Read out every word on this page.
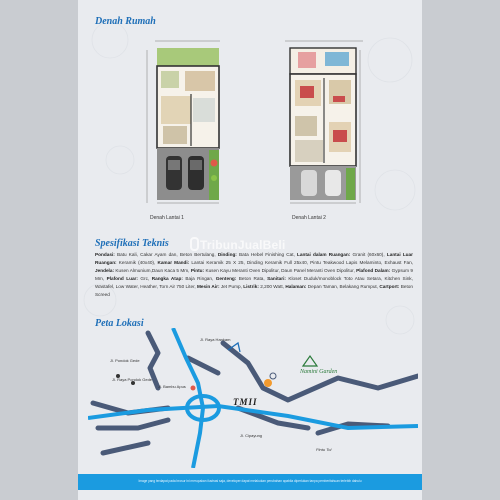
Denah Rumah
Spesifikasi Teknis
Peta Lokasi
Denah Lantai 1	Denah Lantai 2
TribunJualBeli
Pondasi: Batu Kali, Cakar Ayam dan, Beton Bertulang, Dinding: Bata Hebel Finishing Cat, Lantai dalam Ruangan: Granit (60x60), Lantai Luar Ruangan: Keramik (40x40), Kamar Mandi: Lantai Keramik 25 X 25, Dinding Keramik Full 25x40, Pintu Teakwood Lapis Melaminto, Exhaust Fan, Jendela: Kusen Almunium,Daun Kaca 5 Mm, Pintu: Kusen Kayu Meranti Oven Dipolitur, Daun Panel Meranti Oven Dipolitur, Plafond Dalam: Gypsum 9 Mm, Plafond Luar: Grc, Rangka Atap: Baja Ringan, Genteng: Beton Rata, Sanitari: Kloset Duduk/monoblock Toto Atau Setara, Kitchen Sink, Wastafel, Low Water, Heather, Torn Air 750 Liter, Mesin Air: Jet Pump, Listrik: 2,200 Watt, Halaman: Depan Taman, Belakang Rumput, Cartport: Beton Screed
TMII
Namini Garden
Pintu Tol
Jl. Raya Hankam
Jl. Pondok Gede
Jl. Raya Pondok Gede
Jl. Bambu Apus
Jl. Cipayung
Image yang terdapat pada brosur ini merupakan ilustrasi saja, developer dapat melakukan perubahan apabila diperlukan tanpa pemberitahuan terlebih dahulu
